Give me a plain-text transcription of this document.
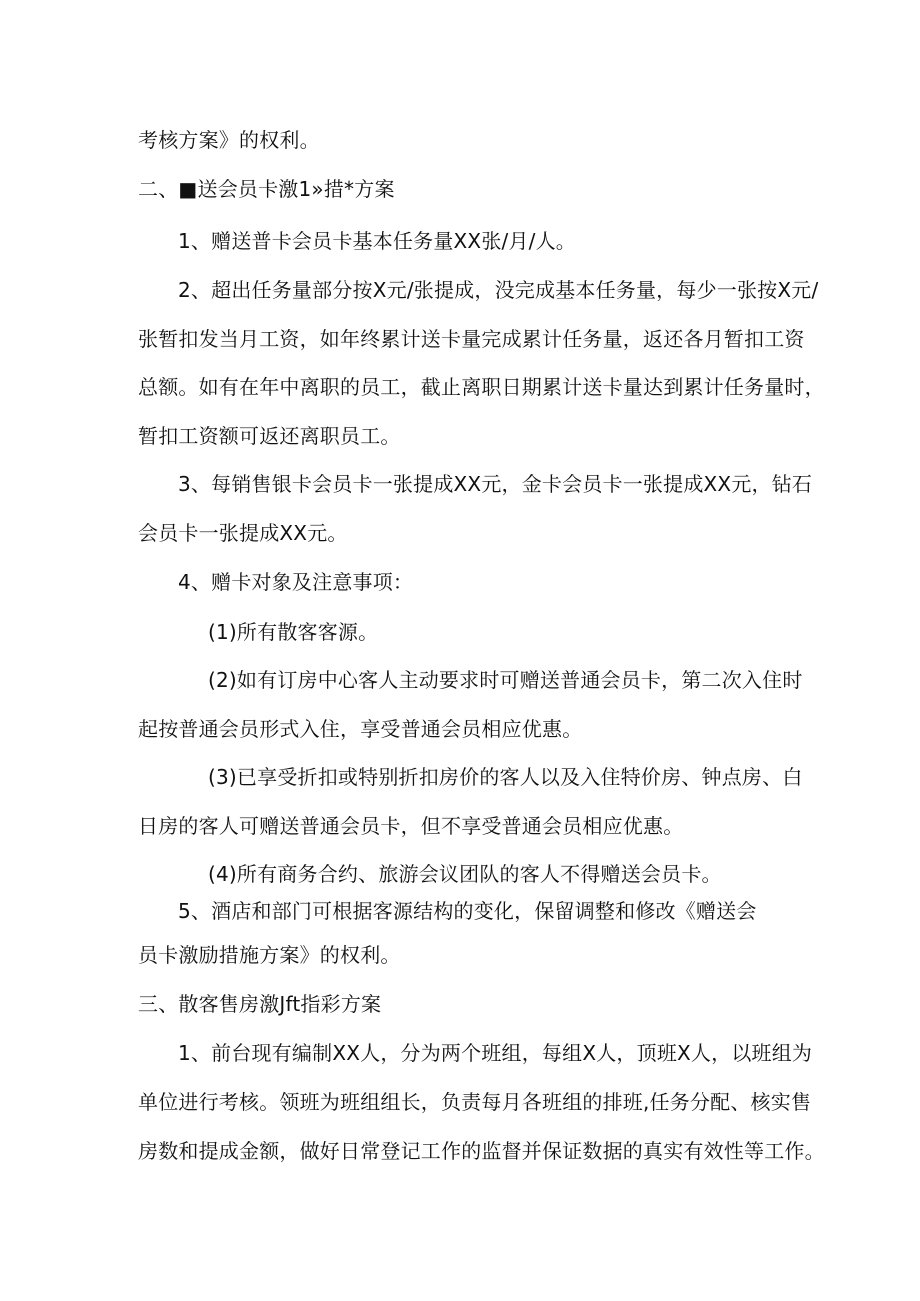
考核方案》的权利。
二、■送会员卡激1»措*方案
1、赠送普卡会员卡基本任务量XX张/月/人。
2、超出任务量部分按X元/张提成，没完成基本任务量，每少一张按X元/
张暂扣发当月工资，如年终累计送卡量完成累计任务量，返还各月暂扣工资
总额。如有在年中离职的员工，截止离职日期累计送卡量达到累计任务量时，
暂扣工资额可返还离职员工。
3、每销售银卡会员卡一张提成XX元，金卡会员卡一张提成XX元，钻石
会员卡一张提成XX元。
4、赠卡对象及注意事项：
(1)所有散客客源。
(2)如有订房中心客人主动要求时可赠送普通会员卡，第二次入住时
起按普通会员形式入住，享受普通会员相应优惠。
(3)已享受折扣或特别折扣房价的客人以及入住特价房、钟点房、白
日房的客人可赠送普通会员卡，但不享受普通会员相应优惠。
(4)所有商务合约、旅游会议团队的客人不得赠送会员卡。
5、酒店和部门可根据客源结构的变化，保留调整和修改《赠送会
员卡激励措施方案》的权利。
三、散客售房激Jft指彩方案
1、前台现有编制XX人，分为两个班组，每组X人，顶班X人，以班组为
单位进行考核。领班为班组组长，负责每月各班组的排班,任务分配、核实售
房数和提成金额，做好日常登记工作的监督并保证数据的真实有效性等工作。
